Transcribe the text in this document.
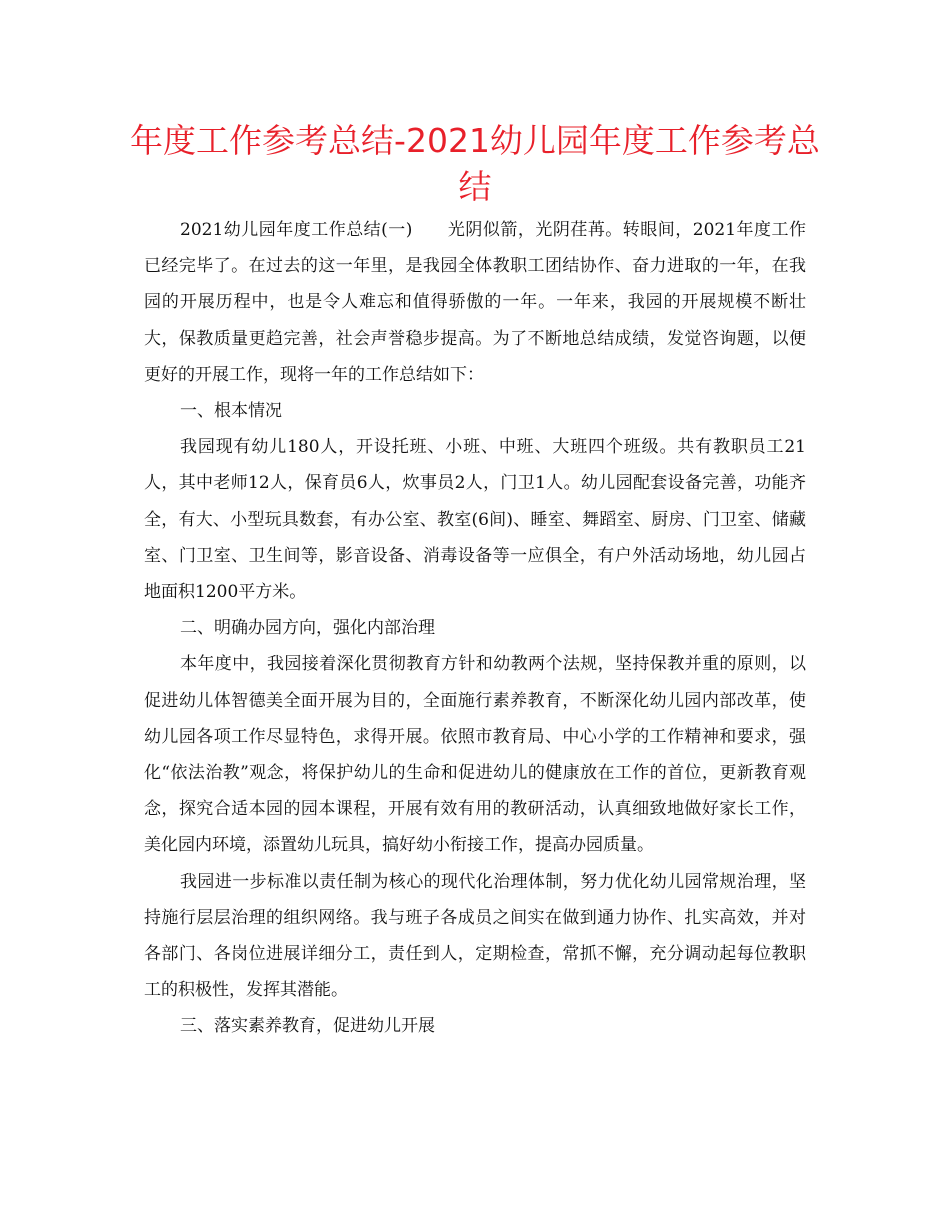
年度工作参考总结-2021幼儿园年度工作参考总结

2021幼儿园年度工作总结(一)　　光阴似箭，光阴荏苒。转眼间，2021年度工作已经完毕了。在过去的这一年里，是我园全体教职工团结协作、奋力进取的一年，在我园的开展历程中，也是令人难忘和值得骄傲的一年。一年来，我园的开展规模不断壮大，保教质量更趋完善，社会声誉稳步提高。为了不断地总结成绩，发觉咨询题，以便更好的开展工作，现将一年的工作总结如下：

一、根本情况

我园现有幼儿180人，开设托班、小班、中班、大班四个班级。共有教职员工21人，其中老师12人，保育员6人，炊事员2人，门卫1人。幼儿园配套设备完善，功能齐全，有大、小型玩具数套，有办公室、教室(6间)、睡室、舞蹈室、厨房、门卫室、储藏室、门卫室、卫生间等，影音设备、消毒设备等一应俱全，有户外活动场地，幼儿园占地面积1200平方米。

二、明确办园方向，强化内部治理

本年度中，我园接着深化贯彻教育方针和幼教两个法规，坚持保教并重的原则，以促进幼儿体智德美全面开展为目的，全面施行素养教育，不断深化幼儿园内部改革，使幼儿园各项工作尽显特色，求得开展。依照市教育局、中心小学的工作精神和要求，强化“依法治教”观念，将保护幼儿的生命和促进幼儿的健康放在工作的首位，更新教育观念，探究合适本园的园本课程，开展有效有用的教研活动，认真细致地做好家长工作，美化园内环境，添置幼儿玩具，搞好幼小衔接工作，提高办园质量。

我园进一步标准以责任制为核心的现代化治理体制，努力优化幼儿园常规治理，坚持施行层层治理的组织网络。我与班子各成员之间实在做到通力协作、扎实高效，并对各部门、各岗位进展详细分工，责任到人，定期检查，常抓不懈，充分调动起每位教职工的积极性，发挥其潜能。

三、落实素养教育，促进幼儿开展
